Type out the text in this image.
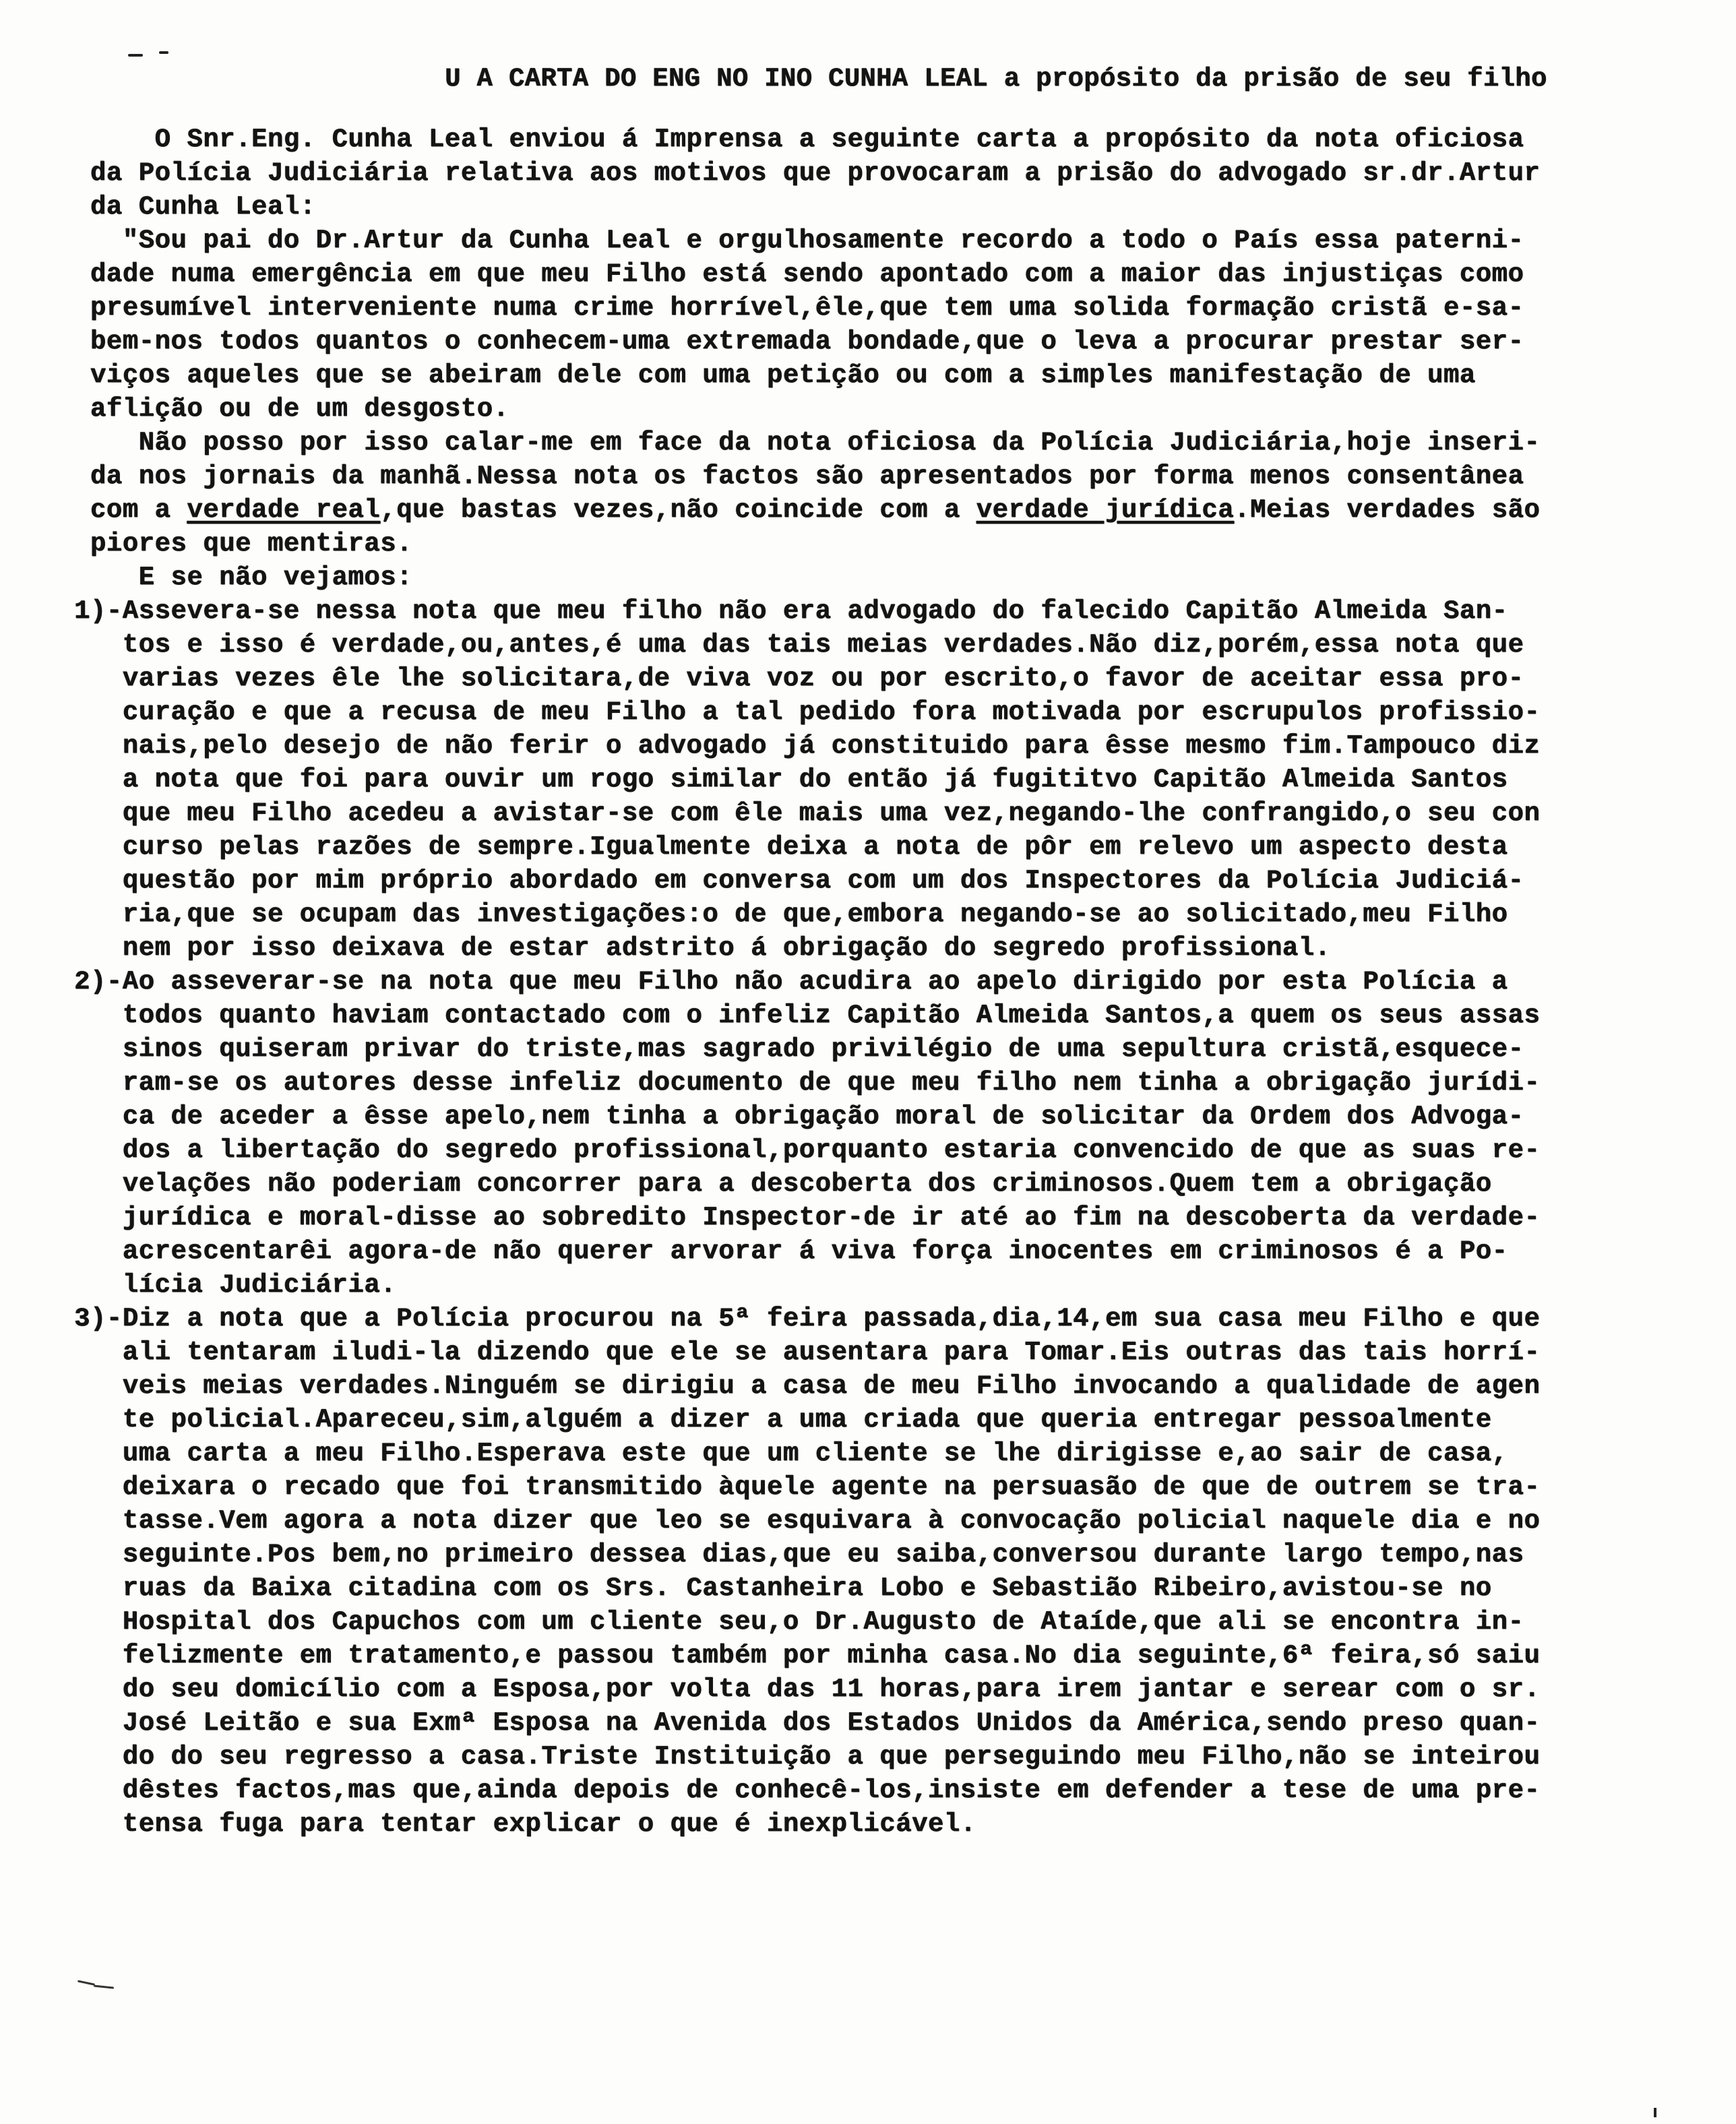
U A CARTA DO ENG NO INO CUNHA LEAL a propósito da prisão de seu filho
O Snr.Eng. Cunha Leal enviou á Imprensa a seguinte carta a propósito da nota oficiosa
da Polícia Judiciária relativa aos motivos que provocaram a prisão do advogado sr.dr.Artur
da Cunha Leal:
"Sou pai do Dr.Artur da Cunha Leal e orgulhosamente recordo a todo o País essa paterni-
dade numa emergência em que meu Filho está sendo apontado com a maior das injustiças como
presumível interveniente numa crime horrível,êle,que tem uma solida formação cristã e-sa-
bem-nos todos quantos o conhecem-uma extremada bondade,que o leva a procurar prestar ser-
viços aqueles que se abeiram dele com uma petição ou com a simples manifestação de uma
aflição ou de um desgosto.
Não posso por isso calar-me em face da nota oficiosa da Polícia Judiciária,hoje inseri-
da nos jornais da manhã.Nessa nota os factos são apresentados por forma menos consentânea
com a verdade real,que bastas vezes,não coincide com a verdade jurídica.Meias verdades são
piores que mentiras.
E se não vejamos:
1)-Assevera-se nessa nota que meu filho não era advogado do falecido Capitão Almeida San-
tos e isso é verdade,ou,antes,é uma das tais meias verdades.Não diz,porém,essa nota que
varias vezes êle lhe solicitara,de viva voz ou por escrito,o favor de aceitar essa pro-
curação e que a recusa de meu Filho a tal pedido fora motivada por escrupulos profissio-
nais,pelo desejo de não ferir o advogado já constituido para êsse mesmo fim.Tampouco diz
a nota que foi para ouvir um rogo similar do então já fugititvo Capitão Almeida Santos
que meu Filho acedeu a avistar-se com êle mais uma vez,negando-lhe confrangido,o seu con
curso pelas razões de sempre.Igualmente deixa a nota de pôr em relevo um aspecto desta
questão por mim próprio abordado em conversa com um dos Inspectores da Polícia Judiciá-
ria,que se ocupam das investigações:o de que,embora negando-se ao solicitado,meu Filho
nem por isso deixava de estar adstrito á obrigação do segredo profissional.
2)-Ao asseverar-se na nota que meu Filho não acudira ao apelo dirigido por esta Polícia a
todos quanto haviam contactado com o infeliz Capitão Almeida Santos,a quem os seus assas
sinos quiseram privar do triste,mas sagrado privilégio de uma sepultura cristã,esquece-
ram-se os autores desse infeliz documento de que meu filho nem tinha a obrigação jurídi-
ca de aceder a êsse apelo,nem tinha a obrigação moral de solicitar da Ordem dos Advoga-
dos a libertação do segredo profissional,porquanto estaria convencido de que as suas re-
velações não poderiam concorrer para a descoberta dos criminosos.Quem tem a obrigação
jurídica e moral-disse ao sobredito Inspector-de ir até ao fim na descoberta da verdade-
acrescentarêi agora-de não querer arvorar á viva força inocentes em criminosos é a Po-
lícia Judiciária.
3)-Diz a nota que a Polícia procurou na 5ª feira passada,dia,14,em sua casa meu Filho e que
ali tentaram iludi-la dizendo que ele se ausentara para Tomar.Eis outras das tais horrí-
veis meias verdades.Ninguém se dirigiu a casa de meu Filho invocando a qualidade de agen
te policial.Apareceu,sim,alguém a dizer a uma criada que queria entregar pessoalmente
uma carta a meu Filho.Esperava este que um cliente se lhe dirigisse e,ao sair de casa,
deixara o recado que foi transmitido àquele agente na persuasão de que de outrem se tra-
tasse.Vem agora a nota dizer que leo se esquivara à convocação policial naquele dia e no
seguinte.Pos bem,no primeiro dessea dias,que eu saiba,conversou durante largo tempo,nas
ruas da Baixa citadina com os Srs. Castanheira Lobo e Sebastião Ribeiro,avistou-se no
Hospital dos Capuchos com um cliente seu,o Dr.Augusto de Ataíde,que ali se encontra in-
felizmente em tratamento,e passou também por minha casa.No dia seguinte,6ª feira,só saiu
do seu domicílio com a Esposa,por volta das 11 horas,para irem jantar e serear com o sr.
José Leitão e sua Exmª Esposa na Avenida dos Estados Unidos da América,sendo preso quan-
do do seu regresso a casa.Triste Instituição a que perseguindo meu Filho,não se inteirou
dêstes factos,mas que,ainda depois de conhecê-los,insiste em defender a tese de uma pre-
tensa fuga para tentar explicar o que é inexplicável.
